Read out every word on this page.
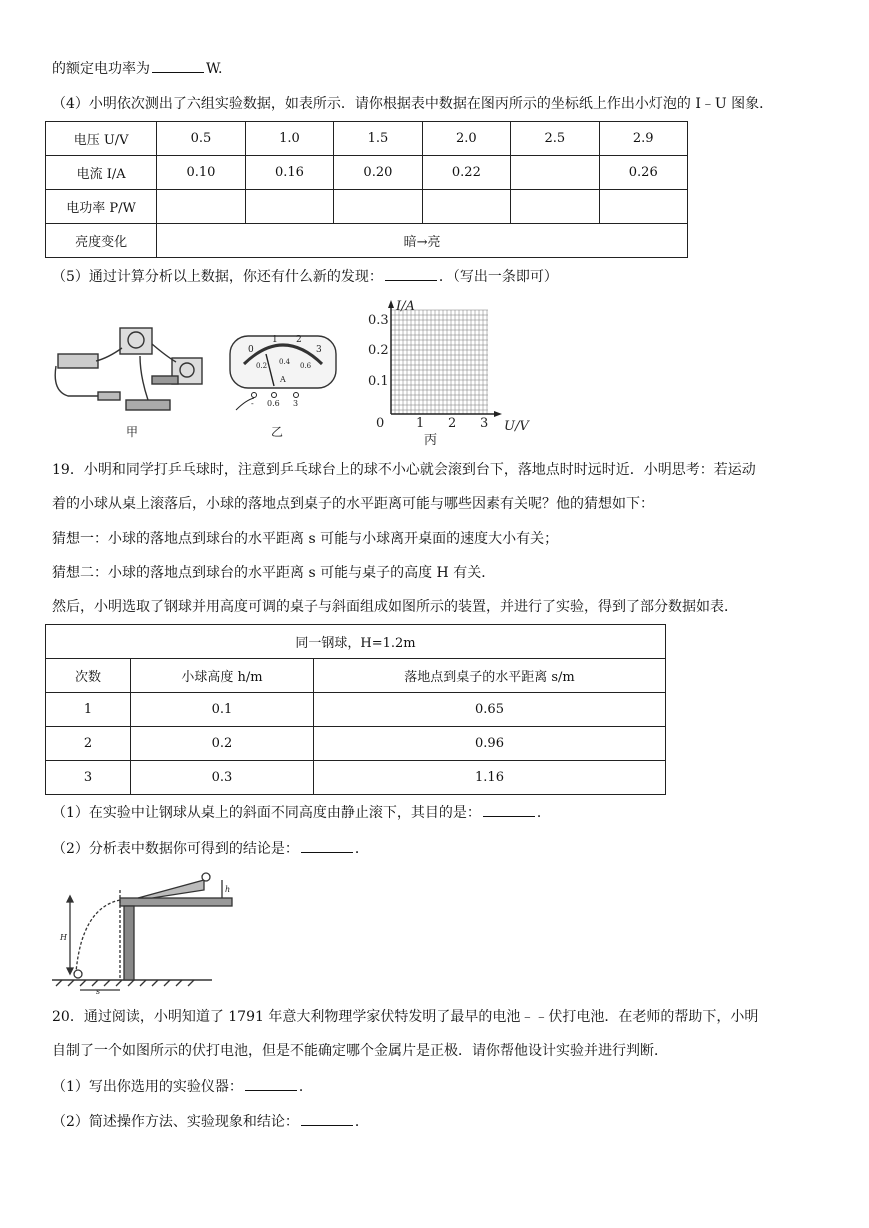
的额定电功率为	W.
（4）小明依次测出了六组实验数据，如表所示．请你根据表中数据在图丙所示的坐标纸上作出小灯泡的 I﹣U 图象．
电压 U/V	0.5	1.0	1.5	2.0	2.5	2.9
电流 I/A	0.10	0.16	0.20	0.22		0.26
电功率 P/W						
亮度变化	暗→亮					
（5）通过计算分析以上数据，你还有什么新的发现：	．（写出一条即可）
甲
0
1 2
3
0.2 0.4 0.6
A
- 0.6 3
乙
I/A
U/V
0.3
0.2
0.1
0 1 2 3
丙
19．小明和同学打乒乓球时，注意到乒乓球台上的球不小心就会滚到台下，落地点时时远时近．小明思考：若运动
着的小球从桌上滚落后，小球的落地点到桌子的水平距离可能与哪些因素有关呢？他的猜想如下：
猜想一：小球的落地点到球台的水平距离 s 可能与小球离开桌面的速度大小有关；
猜想二：小球的落地点到球台的水平距离 s 可能与桌子的高度 H 有关．
然后，小明选取了钢球并用高度可调的桌子与斜面组成如图所示的装置，并进行了实验，得到了部分数据如表．
同一钢球，H=1.2m		
次数	小球高度 h/m	落地点到桌子的水平距离 s/m
1	0.1	0.65
2	0.2	0.96
3	0.3	1.16
（1）在实验中让钢球从桌上的斜面不同高度由静止滚下，其目的是：	．
（2）分析表中数据你可得到的结论是：	．
H
h
s
20．通过阅读，小明知道了 1791 年意大利物理学家伏特发明了最早的电池﹣﹣伏打电池．在老师的帮助下，小明
自制了一个如图所示的伏打电池，但是不能确定哪个金属片是正极．请你帮他设计实验并进行判断．
（1）写出你选用的实验仪器：	．
（2）简述操作方法、实验现象和结论：	．
